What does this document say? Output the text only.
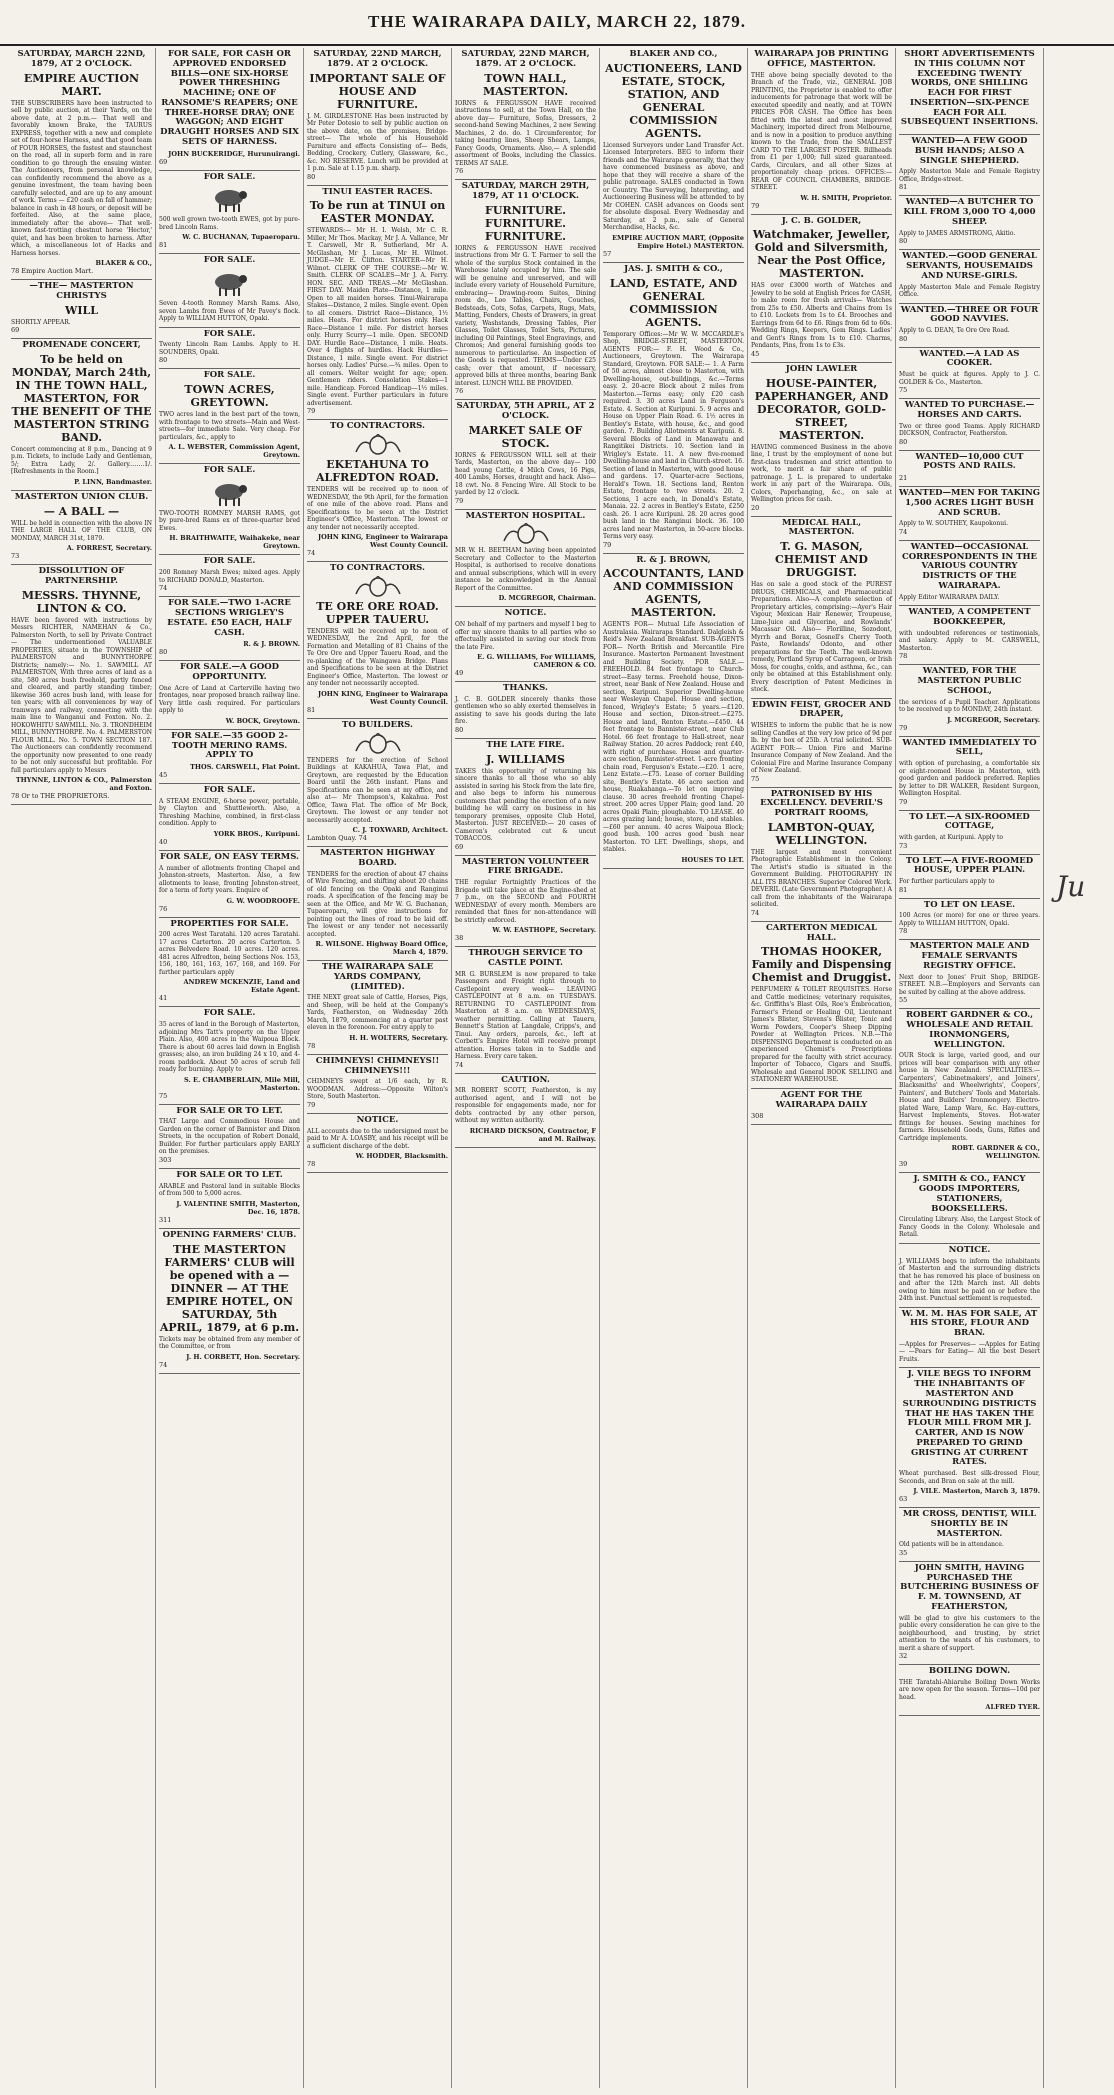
THE WAIRARAPA DAILY, MARCH 22, 1879.
SATURDAY, MARCH 22ND, 1879, AT 2 O'CLOCK.
EMPIRE AUCTION MART.

THE SUBSCRIBERS have been instructed to sell by public auction, at their Yards, on the above date, at 2 p.m.— That well and favorably known Brake, the TAURUS EXPRESS, together with a new and complete set of four-horse Harness, and that good team of FOUR HORSES, the fastest and staunchest on the road, all in superb form and in rare condition to go through the ensuing winter. The Auctioneers, from personal knowledge, can confidently recommend the above as a genuine investment, the team having been carefully selected, and are up to any amount of work. Terms — £20 cash on fall of hammer; balance in cash in 48 hours, or deposit will be forfeited. Also, at the same place, immediately after the above— That well-known fast-trotting chestnut horse 'Hector,' quiet, and has been broken to harness. After which, a miscellaneous lot of Hacks and Harness horses.

BLAKER & CO.,
78 Empire Auction Mart.
—THE— MASTERTON CHRISTYS
WILL

SHORTLY APPEAR.

69
PROMENADE CONCERT,
To be held on MONDAY, March 24th, IN THE TOWN HALL, MASTERTON, FOR THE BENEFIT OF THE MASTERTON STRING BAND.

Concert commencing at 8 p.m., Dancing at 9 p.m. Tickets, to include Lady and Gentleman, 5/; Extra Lady, 2/. Gallery........1/. [Refreshments in the Room.]

P. LINN, Bandmaster.
MASTERTON UNION CLUB.
— A BALL —

WILL be held in connection with the above IN THE LARGE HALL OF THE CLUB, ON MONDAY, MARCH 31st, 1879.

A. FORREST, Secretary.
73
DISSOLUTION OF PARTNERSHIP.
MESSRS. THYNNE, LINTON & CO.

HAVE been favored with instructions by Messrs RICHTER, NAMEHAN & Co., Palmerston North, to sell by Private Contract— The undermentioned VALUABLE PROPERTIES, situate in the TOWNSHIP of PALMERSTON and BUNNYTHORPE Districts; namely:— No. 1. SAWMILL AT PALMERSTON, With three acres of land as a site, 580 acres bush freehold, partly fenced and cleared, and partly standing timber; likewise 360 acres bush land, with lease for ten years; with all conveniences by way of tramways and railway, connecting with the main line to Wanganui and Foxton. No. 2. HOKOWHITU SAWMILL. No. 3. TRONDHEIM MILL, BUNNYTHORPE. No. 4. PALMERSTON FLOUR MILL. No. 5. TOWN SECTION 187. The Auctioneers can confidently recommend the opportunity now presented to one ready to be not only successful but profitable. For full particulars apply to Messrs

THYNNE, LINTON & CO., Palmerston and Foxton.
78 Or to THE PROPRIETORS.
FOR SALE, FOR CASH OR APPROVED ENDORSED BILLS—ONE SIX-HORSE POWER THRESHING MACHINE; ONE OF RANSOME'S REAPERS; ONE THREE-HORSE DRAY; ONE WAGGON; AND EIGHT DRAUGHT HORSES AND SIX SETS OF HARNESS.
JOHN BUCKERIDGE, Hurunuirangi.
69
FOR SALE.

500 well grown two-tooth EWES, got by pure-bred Lincoln Rams.

W. C. BUCHANAN, Tupaeroparu.
81
FOR SALE.

Seven 4-tooth Romney Marsh Rams. Also, seven Lambs from Ewes of Mr Pavey's flock. Apply to WILLIAM HUTTON, Opaki.

FOR SALE.

Twenty Lincoln Ram Lambs. Apply to H. SOUNDERS, Opaki.

80
FOR SALE.
TOWN ACRES, GREYTOWN.

TWO acres land in the best part of the town, with frontage to two streets—Main and West-streets—for immediate Sale. Very cheap. For particulars, &c., apply to

A. L. WEBSTER, Commission Agent, Greytown.
FOR SALE.

TWO-TOOTH ROMNEY MARSH RAMS, got by pure-bred Rams ex of three-quarter bred Ewes.

H. BRAITHWAITE, Waihakeke, near Greytown.
FOR SALE.

200 Romney Marsh Ewes; mixed ages. Apply to RICHARD DONALD, Masterton.

74
FOR SALE.—TWO 1-ACRE SECTIONS WRIGLEY'S ESTATE. £50 EACH, HALF CASH.
R. & J. BROWN.
80
FOR SALE.—A GOOD OPPORTUNITY.

One Acre of Land at Carterville having two frontages, near proposed branch railway line. Very little cash required. For particulars apply to

W. BOCK, Greytown.
FOR SALE.—35 GOOD 2-TOOTH MERINO RAMS. APPLY TO
THOS. CARSWELL, Flat Point.
45
FOR SALE.

A STEAM ENGINE, 6-horse power, portable, by Clayton and Shuttleworth. Also, a Threshing Machine, combined, in first-class condition. Apply to

YORK BROS., Kuripuni.
40
FOR SALE, ON EASY TERMS.

A number of allotments fronting Chapel and Johnston-streets, Masterton. Also, a few allotments to lease, fronting Johnston-street, for a term of forty years. Enquire of

G. W. WOODROOFE.
76
PROPERTIES FOR SALE.

200 acres West Taratahi. 120 acres Taratahi. 17 acres Carterton. 20 acres Carterton. 5 acres Belvedere Road. 10 acres. 120 acres. 481 acres Alfredton, being Sections Nos. 153, 156, 180, 161, 163, 167, 168, and 169. For further particulars apply

ANDREW MCKENZIE, Land and Estate Agent.
41
FOR SALE.

35 acres of land in the Borough of Masterton, adjoining Mrs Tatt's property on the Upper Plain. Also, 400 acres in the Waipoua Block. There is about 60 acres laid down in English grasses; also, an iron building 24 x 10, and 4-room paddock. About 50 acres of scrub fell ready for burning. Apply to

S. E. CHAMBERLAIN, Mile Mill, Masterton.
75
FOR SALE OR TO LET.

THAT Large and Commodious House and Garden on the corner of Bannister and Dixon Streets, in the occupation of Robert Donald, Builder. For further particulars apply EARLY on the premises.

303
FOR SALE OR TO LET.

ARABLE and Pastoral land in suitable Blocks of from 500 to 5,000 acres.

J. VALENTINE SMITH, Masterton, Dec. 16, 1878.
311
OPENING FARMERS' CLUB.
THE MASTERTON FARMERS' CLUB will be opened with a — DINNER — AT THE EMPIRE HOTEL, ON SATURDAY, 5th APRIL, 1879, at 6 p.m.

Tickets may be obtained from any member of the Committee, or from

J. H. CORBETT, Hon. Secretary.
74
SATURDAY, 22ND MARCH, 1879. AT 2 O'CLOCK.
IMPORTANT SALE OF HOUSE AND FURNITURE.

J. M. GIRDLESTONE Has been instructed by Mr Peter Dotesio to sell by public auction on the above date, on the premises, Bridge-street— The whole of his Household Furniture and effects Consisting of— Beds, Bedding, Crockery, Cutlery, Glassware, &c., &c. NO RESERVE. Lunch will be provided at 1 p.m. Sale at 1.15 p.m. sharp.

80
TINUI EASTER RACES.
To be run at TINUI on EASTER MONDAY.

STEWARDS:— Mr H. I. Welsh, Mr C. R. Miller, Mr Thos. Mackay, Mr J. A. Vallance, Mr T. Carswell, Mr R. Sutherland, Mr A. McGlashan, Mr J. Lucas, Mr H. Wilmot. JUDGE—Mr E. Clifton. STARTER—Mr H. Wilmot. CLERK OF THE COURSE:—Mr W. Smith. CLERK OF SCALES—Mr J. A. Ferry. HON. SEC. AND TREAS.—Mr McGlashan. FIRST DAY. Maiden Plate—Distance, 1 mile. Open to all maiden horses. Tinui-Wairarapa Stakes—Distance, 2 miles. Single event. Open to all comers. District Race—Distance, 1½ miles. Heats. For district horses only. Hack Race—Distance 1 mile. For district horses only. Hurry Scurry—1 mile. Open. SECOND DAY. Hurdle Race—Distance, 1 mile. Heats. Over 4 flights of hurdles. Hack Hurdles—Distance, 1 mile. Single event. For district horses only. Ladies' Purse.—¾ miles. Open to all comers. Welter weight for age; open. Gentlemen riders. Consolation Stakes—1 mile. Handicap. Forced Handicap—1½ miles. Single event. Further particulars in future advertisement.

79
TO CONTRACTORS.
EKETAHUNA TO ALFREDTON ROAD.

TENDERS will be received up to noon of WEDNESDAY, the 9th April, for the formation of one mile of the above road. Plans and Specifications to be seen at the District Engineer's Office, Masterton. The lowest or any tender not necessarily accepted.

JOHN KING, Engineer to Wairarapa West County Council.
74
TO CONTRACTORS.
TE ORE ORE ROAD. UPPER TAUERU.

TENDERS will be received up to noon of WEDNESDAY, the 2nd April, for the Formation and Metalling of 81 Chains of the Te Ore Ore and Upper Taueru Road, and the re-planking of the Waingawa Bridge. Plans and Specifications to be seen at the District Engineer's Office, Masterton. The lowest or any tender not necessarily accepted.

JOHN KING, Engineer to Wairarapa West County Council.
81
TO BUILDERS.

TENDERS for the erection of School Buildings at KAKAHUA, Tawa Flat, and Greytown, are requested by the Education Board until the 26th instant. Plans and Specifications can be seen at my office, and also at— Mr Thompson's, Kakahua. Post Office, Tawa Flat. The office of Mr Bock, Greytown. The lowest or any tender not necessarily accepted.

C. J. TOXWARD, Architect.
Lambton Quay. 74
MASTERTON HIGHWAY BOARD.

TENDERS for the erection of about 47 chains of Wire Fencing, and shifting about 20 chains of old fencing on the Opaki and Ranginui roads. A specification of the fencing may be seen at the Office, and Mr W. G. Buchanan, Tupaeroparu, will give instructions for pointing out the lines of road to be laid off. The lowest or any tender not necessarily accepted.

R. WILSONE. Highway Board Office, March 4, 1879.
THE WAIRARAPA SALE YARDS COMPANY, (LIMITED).

THE NEXT great sale of Cattle, Horses, Pigs, and Sheep, will be held at the Company's Yards, Featherston, on Wednesday 26th March, 1879, commencing at a quarter past eleven in the forenoon. For entry apply to

H. H. WOLTERS, Secretary.
78
CHIMNEYS! CHIMNEYS!! CHIMNEYS!!!

CHIMNEYS swept at 1/6 each, by R. WOODMAN. Address:—Opposite Wilton's Store, South Masterton.

79
NOTICE.

ALL accounts due to the undersigned must be paid to Mr A. LOASBY, and his receipt will be a sufficient discharge of the debt.

W. HODDER, Blacksmith.
78
SATURDAY, 22ND MARCH, 1879. AT 2 O'CLOCK.
TOWN HALL, MASTERTON.

IORNS & FERGUSSON HAVE received instructions to sell, at the Town Hall, on the above day— Furniture, Sofas, Dressers, 2 second-hand Sewing Machines, 2 new Sewing Machines, 2 do. do. 1 Circumferentor, for taking bearing lines, Sheep Shears, Lamps, Fancy Goods, Ornaments. Also,— A splendid assortment of Books, including the Classics. TERMS AT SALE.

76
SATURDAY, MARCH 29TH, 1879, AT 11 O'CLOCK.
FURNITURE. FURNITURE. FURNITURE.

IORNS & FERGUSSON HAVE received instructions from Mr G. T. Farmer to sell the whole of the surplus Stock contained in the Warehouse lately occupied by him. The sale will be genuine and unreserved, and will include every variety of Household Furniture, embracing— Drawing-room Suites, Dining room do., Loo Tables, Chairs, Couches, Bedsteads, Cots, Sofas, Carpets, Rugs, Mats, Matting, Fenders, Chests of Drawers, in great variety, Washstands, Dressing Tables, Pier Glasses, Toilet Glasses, Toilet Sets, Pictures, including Oil Paintings, Steel Engravings, and Chromos; And general furnishing goods too numerous to particularise. An inspection of the Goods is requested. TERMS—Under £25 cash; over that amount, if necessary, approved bills at three months, bearing Bank interest. LUNCH WILL BE PROVIDED.

76
SATURDAY, 5TH APRIL, AT 2 O'CLOCK.
MARKET SALE OF STOCK.

IORNS & FERGUSSON WILL sell at their Yards, Masterton, on the above day— 100 head young Cattle, 4 Milch Cows, 16 Pigs, 400 Lambs, Horses, draught and hack. Also— 18 cwt. No. 8 Fencing Wire. All Stock to be yarded by 12 o'clock.

79
MASTERTON HOSPITAL.

MR W. H. BEETHAM having been appointed Secretary and Collector to the Masterton Hospital, is authorised to receive donations and annual subscriptions, which will in every instance be acknowledged in the Annual Report of the Committee.

D. MCGREGOR, Chairman.
NOTICE.

ON behalf of my partners and myself I beg to offer my sincere thanks to all parties who so effectually assisted in saving our stock from the late Fire.

E. G. WILLIAMS, For WILLIAMS, CAMERON & CO.
49
THANKS.

J. C. B. GOLDER sincerely thanks those gentlemen who so ably exerted themselves in assisting to save his goods during the late fire.

80
THE LATE FIRE.
J. WILLIAMS

TAKES this opportunity of returning his sincere thanks to all those who so ably assisted in saving his Stock from the late fire, and also begs to inform his numerous customers that pending the erection of a new building he will carry on business in his temporary premises, opposite Club Hotel, Masterton. JUST RECEIVED:— 20 cases of Cameron's celebrated cut & uncut TOBACCOS.

69
MASTERTON VOLUNTEER FIRE BRIGADE.

THE regular Fortnightly Practices of the Brigade will take place at the Engine-shed at 7 p.m., on the SECOND and FOURTH WEDNESDAY of every month. Members are reminded that fines for non-attendance will be strictly enforced.

W. W. EASTHOPE, Secretary.
38
THROUGH SERVICE TO CASTLE POINT.

MR G. BURSLEM is now prepared to take Passengers and Freight right through to Castlepoint every week— LEAVING CASTLEPOINT at 8 a.m. on TUESDAYS. RETURNING TO CASTLEPOINT from Masterton at 8 a.m. on WEDNESDAYS, weather permitting. Calling at Taueru, Bennett's Station at Langdale, Cripps's, and Tinui. Any orders, parcels, &c., left at Corbett's Empire Hotel will receive prompt attention. Horses taken in to Saddle and Harness. Every care taken.

74
CAUTION.

MR ROBERT SCOTT, Featherston, is my authorised agent, and I will not be responsible for engagements made, nor for debts contracted by any other person, without my written authority.

RICHARD DICKSON, Contractor, F and M. Railway.
BLAKER AND CO.,
AUCTIONEERS, LAND ESTATE, STOCK, STATION, AND GENERAL COMMISSION AGENTS.

Licensed Surveyors under Land Transfer Act. Licensed Interpreters. BEG to inform their friends and the Wairarapa generally, that they have commenced business as above, and hope that they will receive a share of the public patronage. SALES conducted in Town or Country. The Surveying, Interpreting, and Auctioneering Business will be attended to by Mr COHEN. CASH advances on Goods sent for absolute disposal. Every Wednesday and Saturday, at 2 p.m., sale of General Merchandise, Hacks, &c.

EMPIRE AUCTION MART, (Opposite Empire Hotel.) MASTERTON.
57
JAS. J. SMITH & CO.,
LAND, ESTATE, AND GENERAL COMMISSION AGENTS.

Temporary Offices:—Mr W. W. MCCARDLE's Shop, BRIDGE-STREET, MASTERTON. AGENTS FOR:— F. H. Wood & Co., Auctioneers, Greytown. The Wairarapa Standard, Greytown. FOR SALE:— 1. A Farm of 50 acres, almost close to Masterton, with Dwelling-house, out-buildings, &c.—Terms easy. 2. 20-acre Block about 2 miles from Masterton.—Terms easy; only £20 cash required. 3. 30 acres Land in Ferguson's Estate. 4. Section at Kuripuni. 5. 9 acres and House on Upper Plain Road. 6. 1½ acres in Bentley's Estate, with house, &c., and good garden. 7. Building Allotments at Kuripuni. 8. Several Blocks of Land in Manawatu and Rangitikei Districts. 10. Section land in Wrigley's Estate. 11. A new five-roomed Dwelling-house and land in Church-street. 16. Section of land in Masterton, with good house and gardens. 17. Quarter-acre Sections, Herald's Town. 18. Sections land, Renton Estate, frontage to two streets. 20. 2 Sections, 1 acre each, in Donald's Estate, Manaia. 22. 2 acres in Bentley's Estate, £250 cash. 26. 1 acre Kuripuni. 28. 20 acres good bush land in the Ranginui block. 36. 100 acres land near Masterton, in 50-acre blocks. Terms very easy.

79
R. & J. BROWN,
ACCOUNTANTS, LAND AND COMMISSION AGENTS, MASTERTON.

AGENTS FOR— Mutual Life Association of Australasia. Wairarapa Standard. Dalgleish & Reid's New Zealand Breakfast. SUB-AGENTS FOR— North British and Mercantile Fire Insurance. Masterton Permanent Investment and Building Society. FOR SALE.—FREEHOLD. 84 feet frontage to Church-street—Easy terms. Freehold house, Dixon-street, near Bank of New Zealand. House and section, Kuripuni. Superior Dwelling-house near Wesleyan Chapel. House and section, fenced, Wrigley's Estate; 5 years.—£120. House and section, Dixon-street.—£275. House and land, Renton Estate.—£450. 44 feet frontage to Bannister-street, near Club Hotel. 66 feet frontage to Hall-street, near Railway Station. 20 acres Paddock; rent £40, with right of purchase. House and quarter-acre section, Bannister-street. 1-acre fronting chain road, Ferguson's Estate.—£20. 1 acre, Lenz Estate.—£75. Lease of corner Building site, Bentley's Estate. 46 acre section and house, Ruakahanga.—To let on improving clause. 30 acres freehold fronting Chapel-street. 200 acres Upper Plain; good land. 20 acres Opaki Plain; ploughable. TO LEASE. 40 acres grazing land; house, store, and stables.—£60 per annum. 40 acres Waipoua Block; good bush. 100 acres good bush near Masterton. TO LET. Dwellings, shops, and stables.

HOUSES TO LET.
WAIRARAPA JOB PRINTING OFFICE, MASTERTON.

THE above being specially devoted to the Branch of the Trade, viz., GENERAL JOB PRINTING, the Proprietor is enabled to offer inducements for patronage that work will be executed speedily and neatly, and at TOWN PRICES FOR CASH. The Office has been fitted with the latest and most improved Machinery, imported direct from Melbourne, and is now in a position to produce anything known to the Trade, from the SMALLEST CARD TO THE LARGEST POSTER. Billheads from £1 per 1,000; full sized guaranteed. Cards, Circulars, and all other Sizes at proportionately cheap prices. OFFICES:— REAR OF COUNCIL CHAMBERS, BRIDGE-STREET.

W. H. SMITH, Proprietor.
79
J. C. B. GOLDER,
Watchmaker, Jeweller, Gold and Silversmith, Near the Post Office, MASTERTON.

HAS over £3000 worth of Watches and Jewelry to be sold at English Prices for CASH, to make room for fresh arrivals— Watches from 25s to £50. Alberts and Chains from 1s to £10. Lockets from 1s to £4. Brooches and Earrings from 6d to £6. Rings from 6d to 60s. Wedding Rings, Keepers, Gem Rings. Ladies' and Gent's Rings from 1s to £10. Charms, Pendants, Pins, from 1s to £3s.

45
JOHN LAWLER
HOUSE-PAINTER, PAPERHANGER, AND DECORATOR, GOLD-STREET, MASTERTON.

HAVING commenced Business in the above line, I trust by the employment of none but first-class tradesmen and strict attention to work, to merit a fair share of public patronage. J. L. is prepared to undertake work in any part of the Wairarapa. Oils, Colors, Paperhanging, &c., on sale at Wellington prices for cash.

20
MEDICAL HALL, MASTERTON.
T. G. MASON, CHEMIST AND DRUGGIST.

Has on sale a good stock of the PUREST DRUGS, CHEMICALS, and Pharmaceutical Preparations. Also—A complete selection of Proprietary articles, comprising:—Ayer's Hair Vigour, Mexican Hair Renewer, Troupeuse, Lime-Juice and Glycerine, and Rowlands' Macassar Oil. Also— Florilline, Sozodont, Myrrh and Borax, Gosnell's Cherry Tooth Paste, Rowlands' Odonto, and other preparations for the Teeth. The well-known remedy, Portland Syrup of Carrageen, or Irish Moss, for coughs, colds, and asthma, &c., can only be obtained at this Establishment only. Every description of Patent Medicines in stock.

EDWIN FEIST, GROCER AND DRAPER,

WISHES to inform the public that he is now selling Candles at the very low price of 9d per lb. by the box of 25lb. A trial solicited. SUB-AGENT FOR:— Union Fire and Marine Insurance Company of New Zealand. And the Colonial Fire and Marine Insurance Company of New Zealand.

75
PATRONISED BY HIS EXCELLENCY. DEVERIL'S PORTRAIT ROOMS,
LAMBTON-QUAY, WELLINGTON.

THE largest and most convenient Photographic Establishment in the Colony. The Artist's studio is situated in the Government Building. PHOTOGRAPHY IN ALL ITS BRANCHES. Superior Colored Work. DEVERIL (Late Government Photographer.) A call from the inhabitants of the Wairarapa solicited.

74
CARTERTON MEDICAL HALL.
THOMAS HOOKER, Family and Dispensing Chemist and Druggist.

PERFUMERY & TOILET REQUISITES. Horse and Cattle medicines; veterinary requisites, &c. Griffiths's Blast Oils, Roe's Embrocation, Farmer's Friend or Healing Oil, Lieutenant James's Blister, Stevens's Blister, Tonic and Worm Powders, Cooper's Sheep Dipping Powder at Wellington Prices. N.B.—The DISPENSING Department is conducted on an experienced Chemist's Prescriptions prepared for the faculty with strict accuracy. Importer of Tobacco, Cigars and Snuffs. Wholesale and General BOOK SELLING and STATIONERY WAREHOUSE.

AGENT FOR THE WAIRARAPA DAILY
308
SHORT ADVERTISEMENTS IN THIS COLUMN NOT EXCEEDING TWENTY WORDS, ONE SHILLING EACH FOR FIRST INSERTION—SIX-PENCE EACH FOR ALL SUBSEQUENT INSERTIONS.
WANTED—A FEW GOOD BUSH HANDS; ALSO A SINGLE SHEPHERD.

Apply Masterton Male and Female Registry Office, Bridge-street.

81
WANTED—A BUTCHER TO KILL FROM 3,000 TO 4,000 SHEEP.

Apply to JAMES ARMSTRONG, Akitio.

80
WANTED.—GOOD GENERAL SERVANTS, HOUSEMAIDS AND NURSE-GIRLS.

Apply Masterton Male and Female Registry Office.

WANTED.—THREE OR FOUR GOOD NAVVIES.

Apply to G. DEAN, Te Ore Ore Road.

80
WANTED.—A LAD AS COOKER.

Must be quick at figures. Apply to J. C. GOLDER & Co., Masterton.

75
WANTED TO PURCHASE.—HORSES AND CARTS.

Two or three good Teams. Apply RICHARD DICKSON, Contractor, Featherston.

80
WANTED—10,000 CUT POSTS AND RAILS.
21
WANTED—MEN FOR TAKING 1,500 ACRES LIGHT BUSH AND SCRUB.

Apply to W. SOUTHEY, Kaupokonui.

74
WANTED—OCCASIONAL CORRESPONDENTS IN THE VARIOUS COUNTRY DISTRICTS OF THE WAIRARAPA.

Apply Editor WAIRARAPA DAILY.

WANTED, A COMPETENT BOOKKEEPER,

with undoubted references or testimonials, and salary. Apply to M. CARSWELL, Masterton.

78
WANTED, FOR THE MASTERTON PUBLIC SCHOOL,

the services of a Pupil Teacher. Applications to be received up to MONDAY, 24th instant.

J. MCGREGOR, Secretary.
79
WANTED IMMEDIATELY TO SELL,

with option of purchasing, a comfortable six or eight-roomed House in Masterton, with good garden and paddock preferred. Replies by letter to DR WALKER, Resident Surgeon, Wellington Hospital.

79
TO LET.—A SIX-ROOMED COTTAGE,

with garden, at Kuripuni. Apply to

73
TO LET.—A FIVE-ROOMED HOUSE, UPPER PLAIN.

For further particulars apply to

81
TO LET ON LEASE.

100 Acres (or more) for one or three years. Apply to WILLIAM HUTTON, Opaki.

78
MASTERTON MALE AND FEMALE SERVANTS REGISTRY OFFICE.

Next door to Jones' Fruit Shop, BRIDGE-STREET. N.B.—Employers and Servants can be suited by calling at the above address.

55
ROBERT GARDNER & CO., WHOLESALE AND RETAIL IRONMONGERS, WELLINGTON.

OUR Stock is large, varied good, and our prices will bear comparison with any other house in New Zealand. SPECIALITIES.—Carpenters', Cabinetmakers', and Joiners', Blacksmiths' and Wheelwrights', Coopers', Painters', and Butchers' Tools and Materials. House and Builders' Ironmongery. Electro-plated Ware, Lamp Ware, &c. Hay-cutters, Harvest Implements, Stoves. Hot-water fittings for houses. Sewing machines for farmers. Household Goods, Guns, Rifles and Cartridge implements.

ROBT. GARDNER & CO., WELLINGTON.
39
J. SMITH & CO., FANCY GOODS IMPORTERS, STATIONERS, BOOKSELLERS.

Circulating Library. Also, the Largest Stock of Fancy Goods in the Colony. Wholesale and Retail.

NOTICE.

J. WILLIAMS begs to inform the inhabitants of Masterton and the surrounding districts that he has removed his place of business on and after the 12th March inst. All debts owing to him must be paid on or before the 24th inst. Punctual settlement is requested.

W. M. M. HAS FOR SALE, AT HIS STORE, FLOUR AND BRAN.

—Apples for Preserves— —Apples for Eating— —Pears for Eating— All the best Desert Fruits.

J. VILE BEGS TO INFORM THE INHABITANTS OF MASTERTON AND SURROUNDING DISTRICTS THAT HE HAS TAKEN THE FLOUR MILL FROM MR J. CARTER, AND IS NOW PREPARED TO GRIND GRISTING AT CURRENT RATES.

Wheat purchased. Best silk-dressed Flour, Seconds, and Bran on sale at the mill.

J. VILE. Masterton, March 3, 1879.
63
MR CROSS, DENTIST, WILL SHORTLY BE IN MASTERTON.

Old patients will be in attendance.

35
JOHN SMITH, HAVING PURCHASED THE BUTCHERING BUSINESS OF F. M. TOWNSEND, AT FEATHERSTON,

will be glad to give his customers to the public every consideration he can give to the neighbourhood, and trusting, by strict attention to the wants of his customers, to merit a share of support.

32
BOILING DOWN.

THE Taratahi-Ahiaruhe Boiling Down Works are now open for the season. Terms—10d per head.

ALFRED TYER.
Ju
